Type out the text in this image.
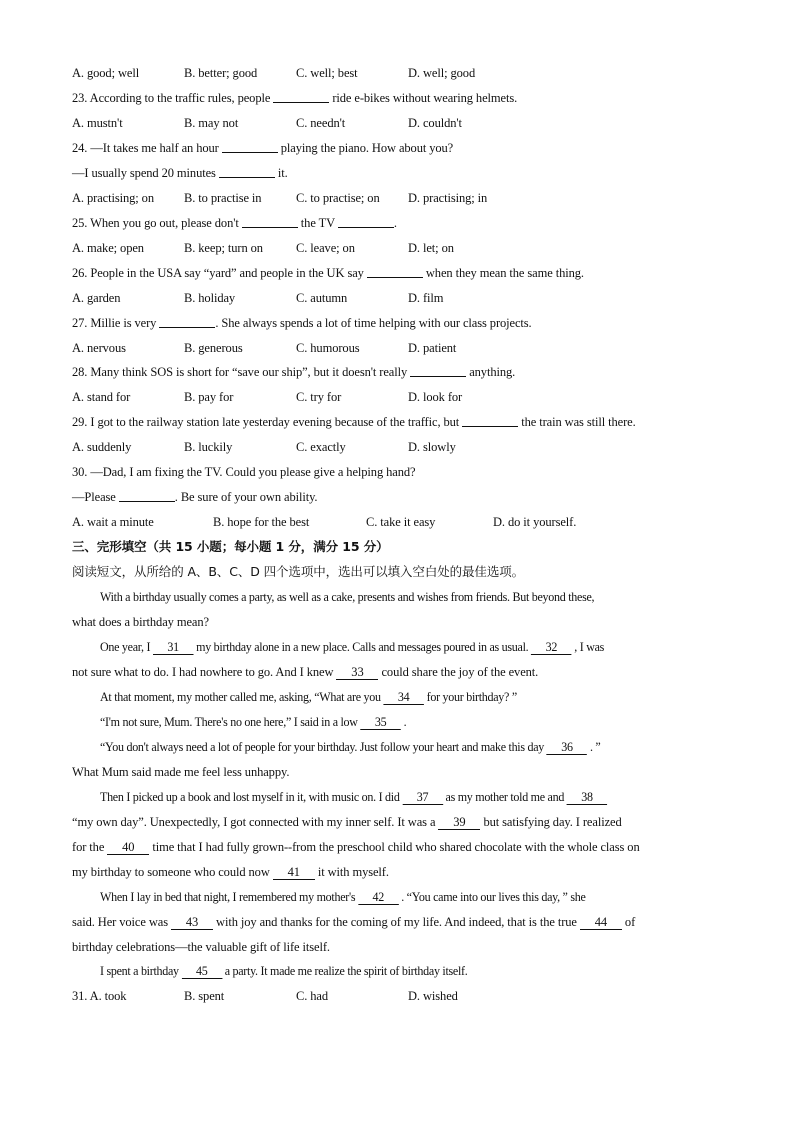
A. good; well	B. better; good	C. well; best	D. well; good
23. According to the traffic rules, people	ride e-bikes without wearing helmets.
A. mustn't	B. may not	C. needn't	D. couldn't
24. —It takes me half an hour	playing the piano. How about you?
—I usually spend 20 minutes	it.
A. practising; on B. to practise in	C. to practise; on D. practising; in
25. When you go out, please don't	the TV	.
A. make; open	B. keep; turn on	C. leave; on	D. let; on
26. People in the USA say “yard” and people in the UK say	when they mean the same thing.
A. garden	B. holiday	C. autumn	D. film
27. Millie is very	. She always spends a lot of time helping with our class projects.
A. nervous	B. generous	C. humorous	D. patient
28. Many think SOS is short for “save our ship”, but it doesn't really	anything.
A. stand for	B. pay for	C. try for	D. look for
29. I got to the railway station late yesterday evening because of the traffic, but	the train was still there.
A. suddenly	B. luckily	C. exactly	D. slowly
30. —Dad, I am fixing the TV. Could you please give a helping hand?
—Please	. Be sure of your own ability.
A. wait a minute	B. hope for the best	C. take it easy	D. do it yourself.
三、完形填空（共 15 小题；每小题 1 分，满分 15 分）
阅读短文，从所给的 A、B、C、D 四个选项中，选出可以填入空白处的最佳选项。
With a birthday usually comes a party, as well as a cake, presents and wishes from friends. But beyond these,
what does a birthday mean?
One year, I 31 my birthday alone in a new place. Calls and messages poured in as usual. 32 , I was
not sure what to do. I had nowhere to go. And I knew 33 could share the joy of the event.
At that moment, my mother called me, asking, “What are you 34 for your birthday? ”
“I'm not sure, Mum. There's no one here,” I said in a low 35 .
“You don't always need a lot of people for your birthday. Just follow your heart and make this day 36 . ”
What Mum said made me feel less unhappy.
Then I picked up a book and lost myself in it, with music on. I did 37 as my mother told me and 38
“my own day”. Unexpectedly, I got connected with my inner self. It was a 39 but satisfying day. I realized
for the 40 time that I had fully grown--from the preschool child who shared chocolate with the whole class on
my birthday to someone who could now 41 it with myself.
When I lay in bed that night, I remembered my mother's 42 . “You came into our lives this day, ” she
said. Her voice was 43 with joy and thanks for the coming of my life. And indeed, that is the true 44 of
birthday celebrations—the valuable gift of life itself.
I spent a birthday 45 a party. It made me realize the spirit of birthday itself.
31. A. took	B. spent	C. had	D. wished
